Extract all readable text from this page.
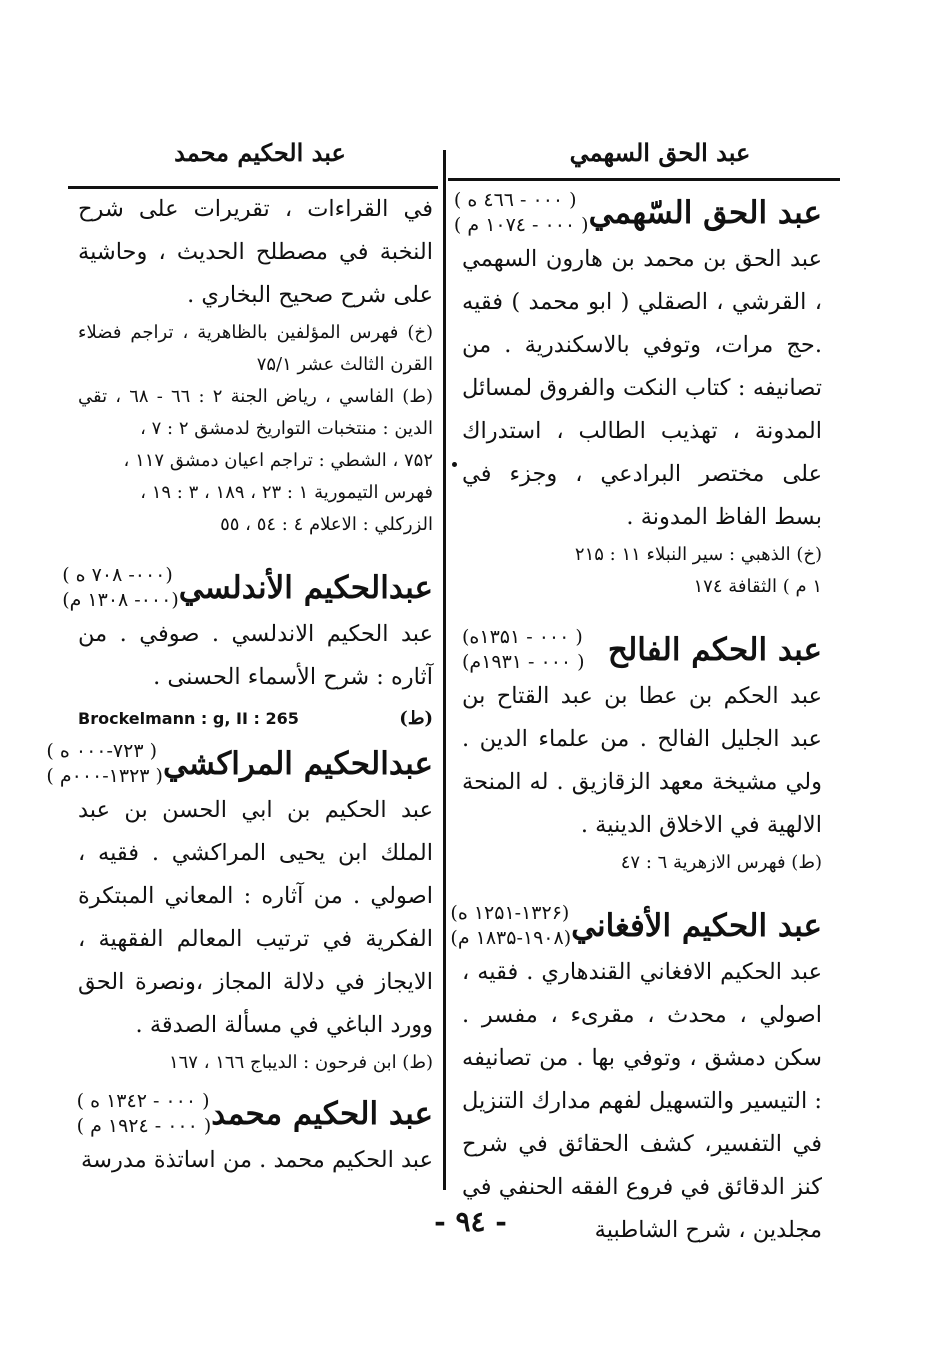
عبد الحق السهمي
عبد الحكيم محمد
عبد الحق السّهمي
( ۰۰۰ - ٤٦٦ ه )
( ۰۰۰ - ۱۰۷٤ م )

عبد الحق بن محمد بن هارون السهمي ، القرشي ، الصقلي ( ابو محمد ) فقيه .حج مرات، وتوفي بالاسكندرية . من تصانيفه : كتاب النكت والفروق لمسائل المدونة ، تهذيب الطالب ، استدراك على مختصر البرادعي ، وجزء في بسط الفاظ المدونة .

(خ) الذهبي : سير النبلاء ۱۱ : ۲۱۵

۱ م ) الثقافة ۱۷٤

عبد الحكم الفالح
( ۰۰۰ - ۱۳۵۱ه)
( ۰۰۰ - ۱۹۳۱م)

عبد الحكم بن عطا بن عبد القتاح بن عبد الجليل الفالح . من علماء الدين . ولي مشيخة معهد الزقازيق . له المنحة الالهية في الاخلاق الدينية .

(ط) فهرس الازهرية ٦ : ٤٧

عبد الحكيم الأفغاني
(۱۲۵۱-۱۳۲۶ ه)
(۱۸۳۵-۱۹۰۸ م)

عبد الحكيم الافغاني القندهاري . فقيه ، اصولي ، محدث ، مقرىء ، مفسر . سكن دمشق ، وتوفي بها . من تصانيفه : التيسير والتسهيل لفهم مدارك التنزيل في التفسير، كشف الحقائق في شرح كنز الدقائق في فروع الفقه الحنفي في مجلدين ، شرح الشاطبية

في القراءات ، تقريرات على شرح النخبة في مصطلح الحديث ، وحاشية على شرح صحيح البخاري .

(خ) فهرس المؤلفين بالظاهرية ، تراجم فضلاء القرن الثالث عشر ۷۵/۱

(ط) الفاسي ، رياض الجنة ۲ : ٦٦ - ٦٨ ، تقي الدين : منتخبات التواريخ لدمشق ۲ : ۷ ،

۷۵۲ ، الشطي : تراجم اعيان دمشق ۱۱۷ ،

فهرس التيمورية ۱ : ۲۳ ، ۱۸۹ ، ۳ : ۱۹ ،

الزركلي : الاعلام ٤ : ٥٤ ، ٥٥

عبدالحكيم الأندلسي
(۰۰۰- ۷۰۸ ه )
(۰۰۰- ۱۳۰۸ م)

عبد الحكيم الاندلسي . صوفي . من آثاره : شرح الأسماء الحسنى .

Brockelmann : g, II : 265	(ط)

عبدالحكيم المراكشي
( ۰۰۰-۷۲۳ ه )
( ۰۰۰-۱۳۲۳م )

عبد الحكيم بن ابي الحسن بن عبد الملك ابن يحيى المراكشي . فقيه ، اصولي . من آثاره : المعاني المبتكرة الفكرية في ترتيب المعالم الفقهية ، الايجاز في دلالة المجاز ،ونصرة الحق وورد الباغي في مسألة الصدقة .

(ط) ابن فرحون : الديباج ۱٦٦ ، ۱٦٧

عبد الحكيم محمد
( ۰۰۰ - ۱۳٤۲ ه )
( ۰۰۰ - ۱۹۲٤ م )

عبد الحكيم محمد . من اساتذة مدرسة

- ٩٤ -
